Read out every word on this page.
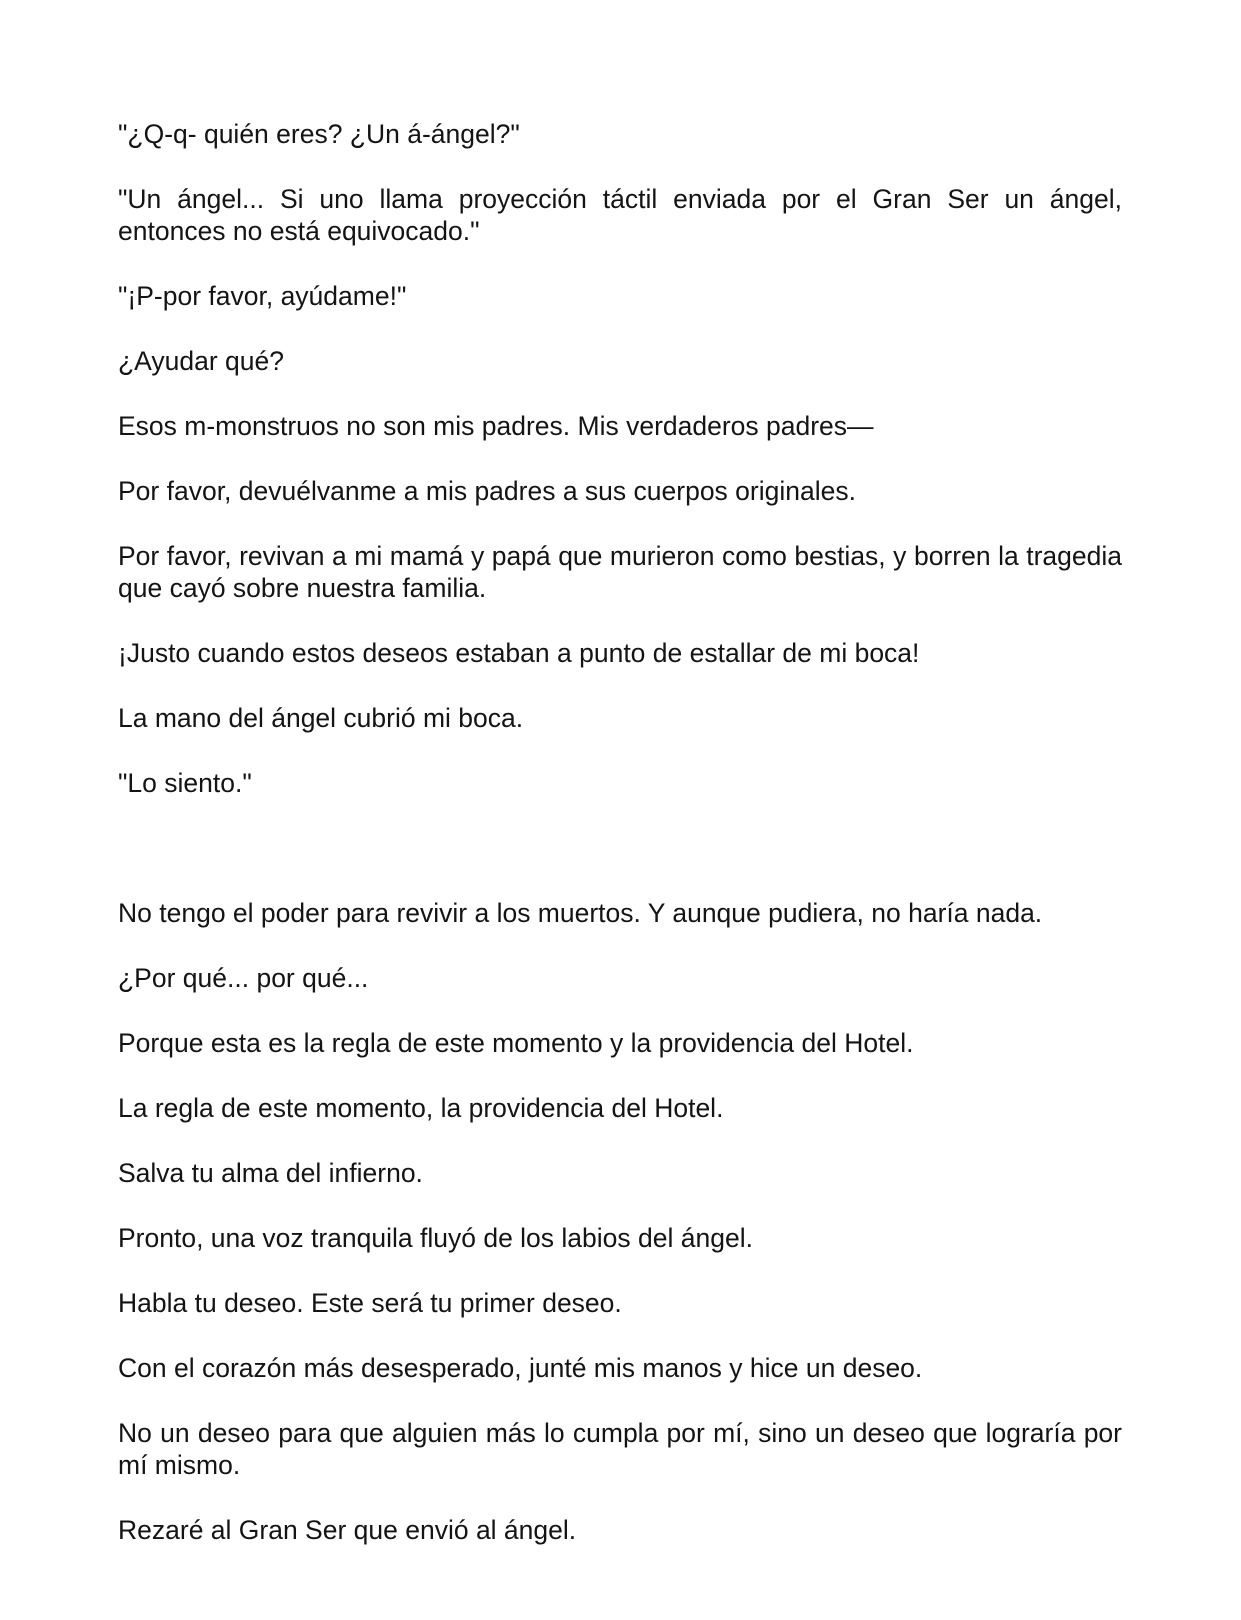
"¿Q-q- quién eres? ¿Un á-ángel?"

"Un ángel... Si uno llama proyección táctil enviada por el Gran Ser un ángel, entonces no está equivocado."

"¡P-por favor, ayúdame!"

¿Ayudar qué?

Esos m-monstruos no son mis padres. Mis verdaderos padres—

Por favor, devuélvanme a mis padres a sus cuerpos originales.

Por favor, revivan a mi mamá y papá que murieron como bestias, y borren la tragedia que cayó sobre nuestra familia.

¡Justo cuando estos deseos estaban a punto de estallar de mi boca!

La mano del ángel cubrió mi boca.

"Lo siento."

No tengo el poder para revivir a los muertos. Y aunque pudiera, no haría nada.

¿Por qué... por qué...

Porque esta es la regla de este momento y la providencia del Hotel.

La regla de este momento, la providencia del Hotel.

Salva tu alma del infierno.

Pronto, una voz tranquila fluyó de los labios del ángel.

Habla tu deseo. Este será tu primer deseo.

Con el corazón más desesperado, junté mis manos y hice un deseo.

No un deseo para que alguien más lo cumpla por mí, sino un deseo que lograría por mí mismo.

Rezaré al Gran Ser que envió al ángel.
